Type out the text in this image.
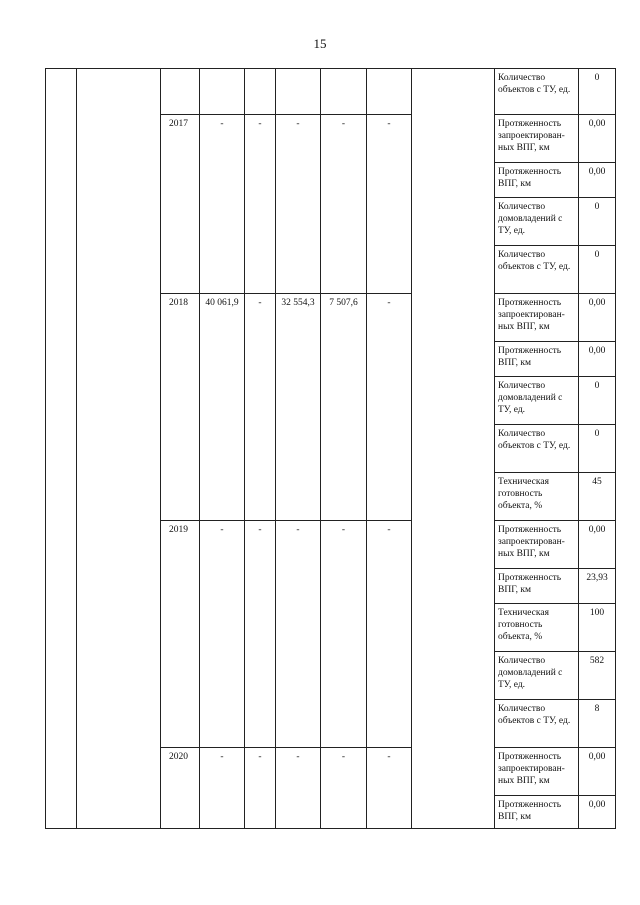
15
									Количество объектов с ТУ, ед.	0
		2017	-	-	-	-	-		Протяженность запроектирован-ных ВПГ, км	0,00
									Протяженность ВПГ, км	0,00
									Количество домовладений с ТУ, ед.	0
									Количество объектов с ТУ, ед.	0
		2018	40 061,9	-	32 554,3	7 507,6	-		Протяженность запроектирован-ных ВПГ, км	0,00
									Протяженность ВПГ, км	0,00
									Количество домовладений с ТУ, ед.	0
									Количество объектов с ТУ, ед.	0
									Техническая готовность объекта, %	45
		2019	-	-	-	-	-		Протяженность запроектирован-ных ВПГ, км	0,00
									Протяженность ВПГ, км	23,93
									Техническая готовность объекта, %	100
									Количество домовладений с ТУ, ед.	582
									Количество объектов с ТУ, ед.	8
		2020	-	-	-	-	-		Протяженность запроектирован-ных ВПГ, км	0,00
									Протяженность ВПГ, км	0,00
